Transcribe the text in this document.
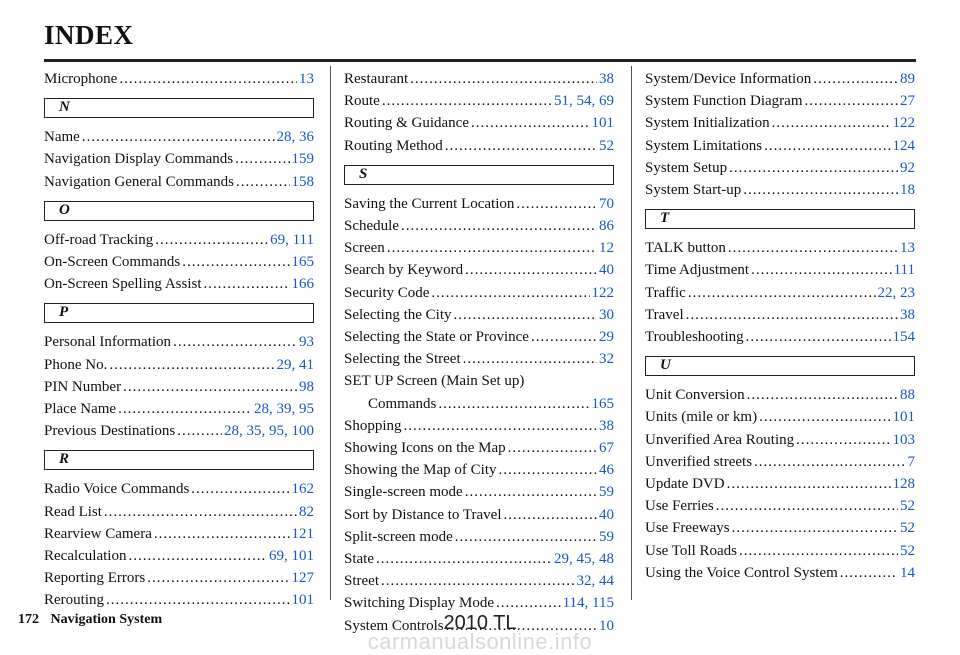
INDEX
Microphone .....	13
N
Name .....	28, 36
Navigation Display Commands .....	159
Navigation General Commands .....	158
O
Off-road Tracking .....	69, 111
On-Screen Commands .....	165
On-Screen Spelling Assist .....	166
P
Personal Information .....	93
Phone No. .....	29, 41
PIN Number .....	98
Place Name .....	28, 39, 95
Previous Destinations .....	28, 35, 95, 100
R
Radio Voice Commands .....	162
Read List .....	82
Rearview Camera .....	121
Recalculation .....	69, 101
Reporting Errors .....	127
Rerouting .....	101
Restaurant .....	38
Route .....	51, 54, 69
Routing & Guidance .....	101
Routing Method .....	52
S
Saving the Current Location .....	70
Schedule .....	86
Screen .....	12
Search by Keyword .....	40
Security Code .....	122
Selecting the City .....	30
Selecting the State or Province .....	29
Selecting the Street .....	32
SET UP Screen (Main Set up)
Commands .....	165
Shopping .....	38
Showing Icons on the Map .....	67
Showing the Map of City .....	46
Single-screen mode .....	59
Sort by Distance to Travel .....	40
Split-screen mode .....	59
State .....	29, 45, 48
Street .....	32, 44
Switching Display Mode .....	114, 115
System Controls .....	10
System/Device Information .....	89
System Function Diagram .....	27
System Initialization .....	122
System Limitations .....	124
System Setup .....	92
System Start-up .....	18
T
TALK button .....	13
Time Adjustment .....	111
Traffic .....	22, 23
Travel .....	38
Troubleshooting .....	154
U
Unit Conversion .....	88
Units (mile or km) .....	101
Unverified Area Routing .....	103
Unverified streets .....	7
Update DVD .....	128
Use Ferries .....	52
Use Freeways .....	52
Use Toll Roads .....	52
Using the Voice Control System .....	14
172 Navigation System	2010 TL
carmanualsonline.info
